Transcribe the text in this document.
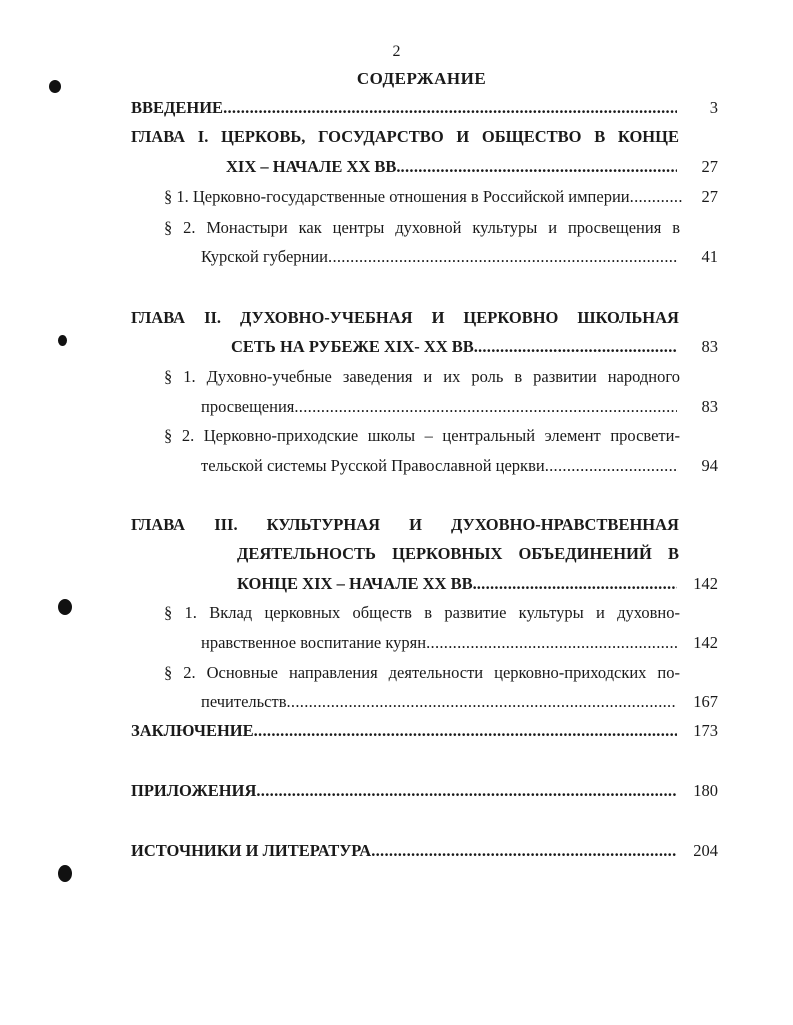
2
СОДЕРЖАНИЕ
ВВЕДЕНИЕ .....	3
ГЛАВА I. ЦЕРКОВЬ, ГОСУДАРСТВО И ОБЩЕСТВО В КОНЦЕ
XIX – НАЧАЛЕ XX ВВ. .....	27
§ 1. Церковно-государственные отношения в Российской империи .....	27
§ 2. Монастыри как центры духовной культуры и просвещения в
Курской губернии .....	41
ГЛАВА II. ДУХОВНО-УЧЕБНАЯ И ЦЕРКОВНО ШКОЛЬНАЯ
СЕТЬ НА РУБЕЖЕ XIX- XX ВВ. .....	83
§ 1. Духовно-учебные заведения и их роль в развитии народного
просвещения .....	83
§ 2. Церковно-приходские школы – центральный элемент просвети-
тельской системы Русской Православной церкви .....	94
ГЛАВА III. КУЛЬТУРНАЯ И ДУХОВНО-НРАВСТВЕННАЯ
ДЕЯТЕЛЬНОСТЬ ЦЕРКОВНЫХ ОБЪЕДИНЕНИЙ В
КОНЦЕ XIX – НАЧАЛЕ XX ВВ. .....	142
§ 1. Вклад церковных обществ в развитие культуры и духовно-
нравственное воспитание курян .....	142
§ 2. Основные направления деятельности церковно-приходских по-
печительств .....	167
ЗАКЛЮЧЕНИЕ .....	173
ПРИЛОЖЕНИЯ .....	180
ИСТОЧНИКИ И ЛИТЕРАТУРА .....	204
